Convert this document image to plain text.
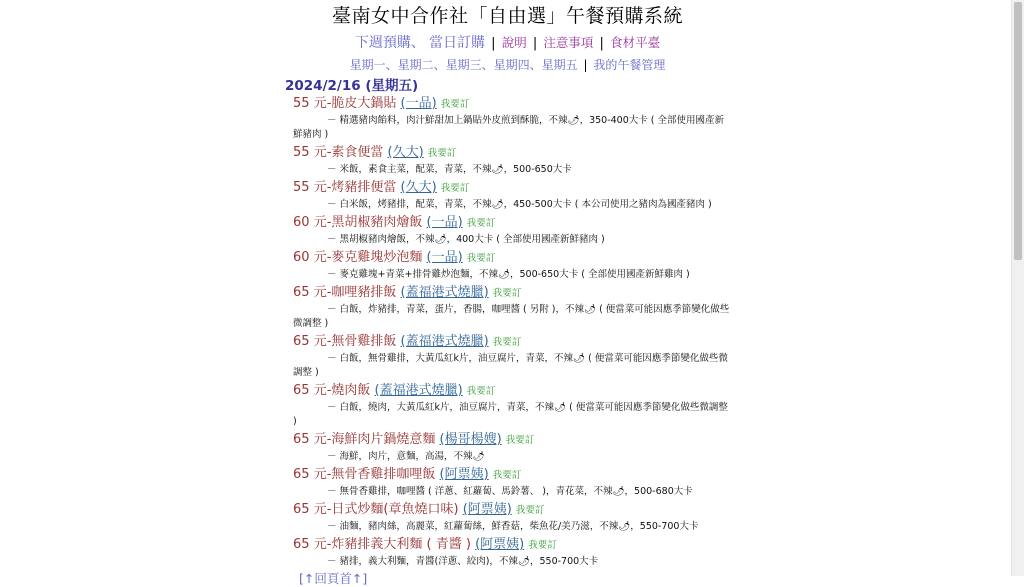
臺南女中合作社「自由選」午餐預購系統
下週預購、 當日訂購 | 說明 | 注意事項 | 食材平臺
星期一、星期二、星期三、星期四、星期五 | 我的午餐管理
2024/2/16 (星期五)
55 元-脆皮大鍋貼 (一品) 我要訂
－ 精選豬肉餡料，肉汁鮮甜加上鍋貼外皮煎到酥脆，不辣🌶，350-400大卡 ( 全部使用國產新鮮豬肉 )
55 元-素食便當 (久大) 我要訂
－ 米飯，素食主菜，配菜，青菜，不辣🌶，500-650大卡
55 元-烤豬排便當 (久大) 我要訂
－ 白米飯，烤豬排，配菜，青菜，不辣🌶，450-500大卡 ( 本公司使用之豬肉為國產豬肉 )
60 元-黑胡椒豬肉燴飯 (一品) 我要訂
－ 黑胡椒豬肉燴飯，不辣🌶，400大卡 ( 全部使用國產新鮮豬肉 )
60 元-麥克雞塊炒泡麵 (一品) 我要訂
－ 麥克雞塊+青菜+排骨雞炒泡麵，不辣🌶，500-650大卡 ( 全部使用國產新鮮雞肉 )
65 元-咖哩豬排飯 (蓋福港式燒臘) 我要訂
－ 白飯，炸豬排，青菜，蛋片，香腸，咖哩醬 ( 另附 )，不辣🌶 ( 便當菜可能因應季節變化做些微調整 )
65 元-無骨雞排飯 (蓋福港式燒臘) 我要訂
－ 白飯，無骨雞排，大黃瓜紅k片，油豆腐片，青菜，不辣🌶 ( 便當菜可能因應季節變化做些微調整 )
65 元-燒肉飯 (蓋福港式燒臘) 我要訂
－ 白飯，燒肉，大黃瓜紅k片，油豆腐片，青菜，不辣🌶 ( 便當菜可能因應季節變化做些微調整 )
65 元-海鮮肉片鍋燒意麵 (楊哥楊嫂) 我要訂
－ 海鮮，肉片，意麵，高湯，不辣🌶
65 元-無骨香雞排咖哩飯 (阿票姨) 我要訂
－ 無骨香雞排，咖哩醬 ( 洋蔥、紅蘿蔔、馬鈴薯、 )，青花菜，不辣🌶，500-680大卡
65 元-日式炒麵(章魚燒口味) (阿票姨) 我要訂
－ 油麵，豬肉絲，高麗菜，紅蘿蔔絲，鮮香菇，柴魚花/美乃滋，不辣🌶，550-700大卡
65 元-炸豬排義大利麵 ( 青醬 ) (阿票姨) 我要訂
－ 豬排，義大利麵，青醬(洋蔥、絞肉)，不辣🌶，550-700大卡
[↑回頁首↑]
